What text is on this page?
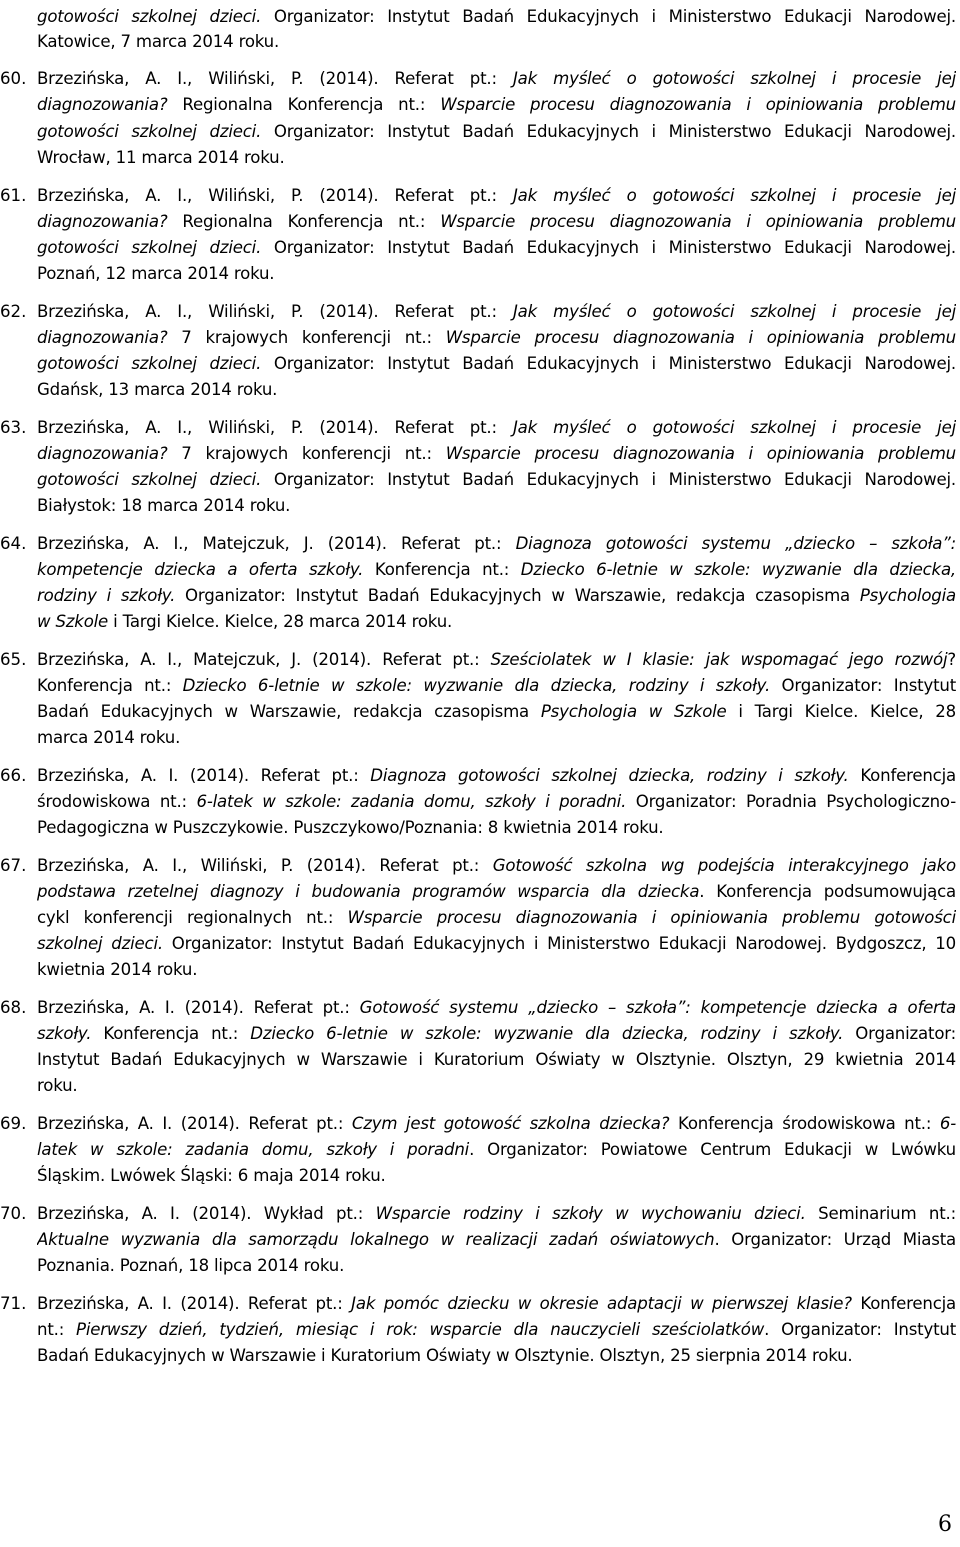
gotowości szkolnej dzieci. Organizator: Instytut Badań Edukacyjnych i Ministerstwo Edukacji Narodowej.
Katowice, 7 marca 2014 roku.
60. Brzezińska, A. I., Wiliński, P. (2014). Referat pt.: Jak myśleć o gotowości szkolnej i procesie jej
diagnozowania? Regionalna Konferencja nt.: Wsparcie procesu diagnozowania i opiniowania problemu
gotowości szkolnej dzieci. Organizator: Instytut Badań Edukacyjnych i Ministerstwo Edukacji Narodowej.
Wrocław, 11 marca 2014 roku.
61. Brzezińska, A. I., Wiliński, P. (2014). Referat pt.: Jak myśleć o gotowości szkolnej i procesie jej
diagnozowania? Regionalna Konferencja nt.: Wsparcie procesu diagnozowania i opiniowania problemu
gotowości szkolnej dzieci. Organizator: Instytut Badań Edukacyjnych i Ministerstwo Edukacji Narodowej.
Poznań, 12 marca 2014 roku.
62. Brzezińska, A. I., Wiliński, P. (2014). Referat pt.: Jak myśleć o gotowości szkolnej i procesie jej
diagnozowania? 7 krajowych konferencji nt.: Wsparcie procesu diagnozowania i opiniowania problemu
gotowości szkolnej dzieci. Organizator: Instytut Badań Edukacyjnych i Ministerstwo Edukacji Narodowej.
Gdańsk, 13 marca 2014 roku.
63. Brzezińska, A. I., Wiliński, P. (2014). Referat pt.: Jak myśleć o gotowości szkolnej i procesie jej
diagnozowania? 7 krajowych konferencji nt.: Wsparcie procesu diagnozowania i opiniowania problemu
gotowości szkolnej dzieci. Organizator: Instytut Badań Edukacyjnych i Ministerstwo Edukacji Narodowej.
Białystok: 18 marca 2014 roku.
64. Brzezińska, A. I., Matejczuk, J. (2014). Referat pt.: Diagnoza gotowości systemu „dziecko – szkoła”:
kompetencje dziecka a oferta szkoły. Konferencja nt.: Dziecko 6-letnie w szkole: wyzwanie dla dziecka,
rodziny i szkoły. Organizator: Instytut Badań Edukacyjnych w Warszawie, redakcja czasopisma Psychologia
w Szkole i Targi Kielce. Kielce, 28 marca 2014 roku.
65. Brzezińska, A. I., Matejczuk, J. (2014). Referat pt.: Sześciolatek w I klasie: jak wspomagać jego rozwój?
Konferencja nt.: Dziecko 6-letnie w szkole: wyzwanie dla dziecka, rodziny i szkoły. Organizator: Instytut
Badań Edukacyjnych w Warszawie, redakcja czasopisma Psychologia w Szkole i Targi Kielce. Kielce, 28
marca 2014 roku.
66. Brzezińska, A. I. (2014). Referat pt.: Diagnoza gotowości szkolnej dziecka, rodziny i szkoły. Konferencja
środowiskowa nt.: 6-latek w szkole: zadania domu, szkoły i poradni. Organizator: Poradnia Psychologiczno-
Pedagogiczna w Puszczykowie. Puszczykowo/Poznania: 8 kwietnia 2014 roku.
67. Brzezińska, A. I., Wiliński, P. (2014). Referat pt.: Gotowość szkolna wg podejścia interakcyjnego jako
podstawa rzetelnej diagnozy i budowania programów wsparcia dla dziecka. Konferencja podsumowująca
cykl konferencji regionalnych nt.: Wsparcie procesu diagnozowania i opiniowania problemu gotowości
szkolnej dzieci. Organizator: Instytut Badań Edukacyjnych i Ministerstwo Edukacji Narodowej. Bydgoszcz, 10
kwietnia 2014 roku.
68. Brzezińska, A. I. (2014). Referat pt.: Gotowość systemu „dziecko – szkoła”: kompetencje dziecka a oferta
szkoły. Konferencja nt.: Dziecko 6-letnie w szkole: wyzwanie dla dziecka, rodziny i szkoły. Organizator:
Instytut Badań Edukacyjnych w Warszawie i Kuratorium Oświaty w Olsztynie. Olsztyn, 29 kwietnia 2014
roku.
69. Brzezińska, A. I. (2014). Referat pt.: Czym jest gotowość szkolna dziecka? Konferencja środowiskowa nt.: 6-
latek w szkole: zadania domu, szkoły i poradni. Organizator: Powiatowe Centrum Edukacji w Lwówku
Śląskim. Lwówek Śląski: 6 maja 2014 roku.
70. Brzezińska, A. I. (2014). Wykład pt.: Wsparcie rodziny i szkoły w wychowaniu dzieci. Seminarium nt.:
Aktualne wyzwania dla samorządu lokalnego w realizacji zadań oświatowych. Organizator: Urząd Miasta
Poznania. Poznań, 18 lipca 2014 roku.
71. Brzezińska, A. I. (2014). Referat pt.: Jak pomóc dziecku w okresie adaptacji w pierwszej klasie? Konferencja
nt.: Pierwszy dzień, tydzień, miesiąc i rok: wsparcie dla nauczycieli sześciolatków. Organizator: Instytut
Badań Edukacyjnych w Warszawie i Kuratorium Oświaty w Olsztynie. Olsztyn, 25 sierpnia 2014 roku.
6
